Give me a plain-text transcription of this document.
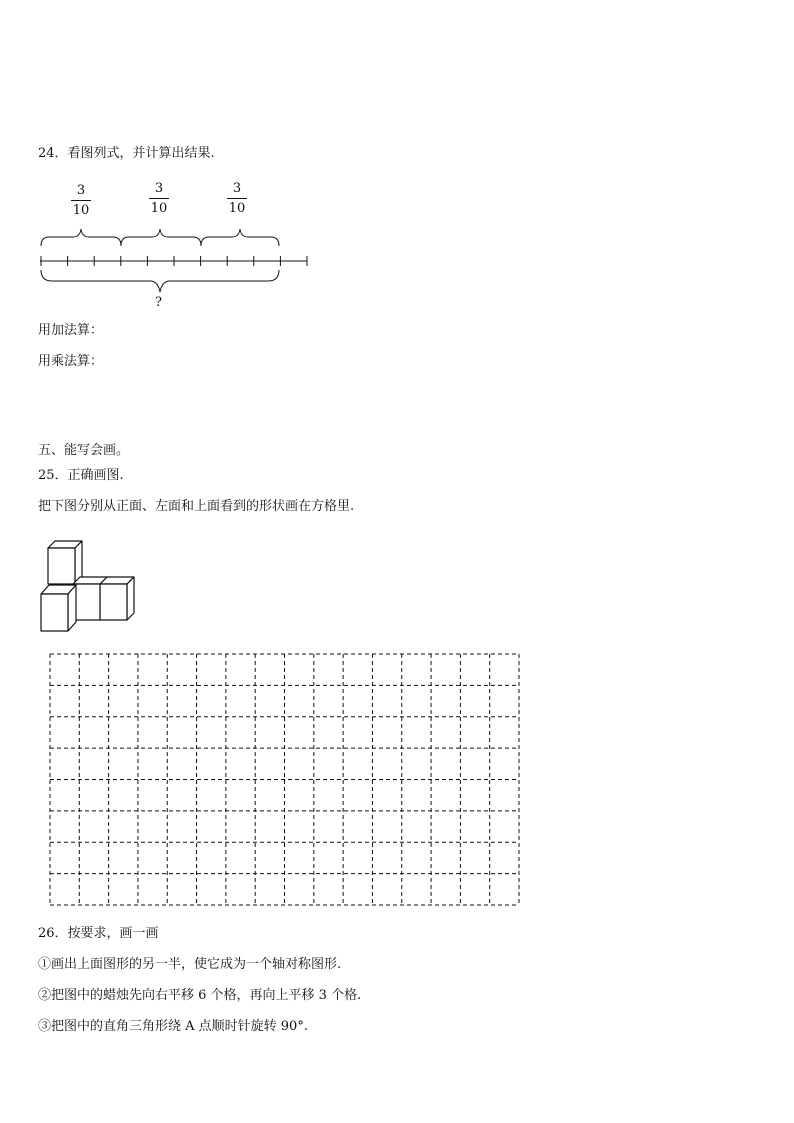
24．看图列式，并计算出结果.
3
10
3
10
3
10
?
用加法算：
用乘法算：
五、能写会画。
25．正确画图.
把下图分别从正面、左面和上面看到的形状画在方格里.
26．按要求，画一画
①画出上面图形的另一半，使它成为一个轴对称图形.
②把图中的蜡烛先向右平移 6 个格，再向上平移 3 个格.
③把图中的直角三角形绕 A 点顺时针旋转 90°.
